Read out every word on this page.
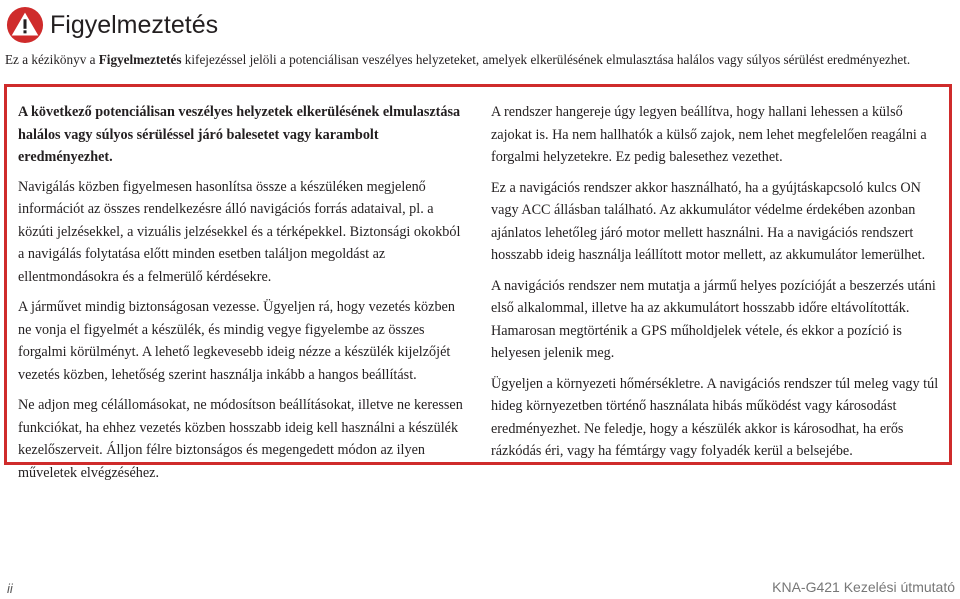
Figyelmeztetés
Ez a kézikönyv a Figyelmeztetés kifejezéssel jelöli a potenciálisan veszélyes helyzeteket, amelyek elkerülésének elmulasztása halálos vagy súlyos sérülést eredményezhet.

A következő potenciálisan veszélyes helyzetek elkerülésének elmulasztása halálos vagy súlyos sérüléssel járó balesetet vagy karambolt eredményezhet.

Navigálás közben figyelmesen hasonlítsa össze a készüléken megjelenő információt az összes rendelkezésre álló navigációs forrás adataival, pl. a közúti jelzésekkel, a vizuális jelzésekkel és a térképekkel. Biztonsági okokból a navigálás folytatása előtt minden esetben találjon megoldást az ellentmondásokra és a felmerülő kérdésekre.

A járművet mindig biztonságosan vezesse. Ügyeljen rá, hogy vezetés közben ne vonja el figyelmét a készülék, és mindig vegye figyelembe az összes forgalmi körülményt. A lehető legkevesebb ideig nézze a készülék kijelzőjét vezetés közben, lehetőség szerint használja inkább a hangos beállítást.

Ne adjon meg célállomásokat, ne módosítson beállításokat, illetve ne keressen funkciókat, ha ehhez vezetés közben hosszabb ideig kell használni a készülék kezelőszerveit. Álljon félre biztonságos és megengedett módon az ilyen műveletek elvégzéséhez.

A rendszer hangereje úgy legyen beállítva, hogy hallani lehessen a külső zajokat is. Ha nem hallhatók a külső zajok, nem lehet megfelelően reagálni a forgalmi helyzetekre. Ez pedig balesethez vezethet.

Ez a navigációs rendszer akkor használható, ha a gyújtáskapcsoló kulcs ON vagy ACC állásban található. Az akkumulátor védelme érdekében azonban ajánlatos lehetőleg járó motor mellett használni. Ha a navigációs rendszert hosszabb ideig használja leállított motor mellett, az akkumulátor lemerülhet.

A navigációs rendszer nem mutatja a jármű helyes pozícióját a beszerzés utáni első alkalommal, illetve ha az akkumulátort hosszabb időre eltávolították. Hamarosan megtörténik a GPS műholdjelek vétele, és ekkor a pozíció is helyesen jelenik meg.

Ügyeljen a környezeti hőmérsékletre. A navigációs rendszer túl meleg vagy túl hideg környezetben történő használata hibás működést vagy károsodást eredményezhet. Ne feledje, hogy a készülék akkor is károsodhat, ha erős rázkódás éri, vagy ha fémtárgy vagy folyadék kerül a belsejébe.

ii	KNA-G421 Kezelési útmutató
